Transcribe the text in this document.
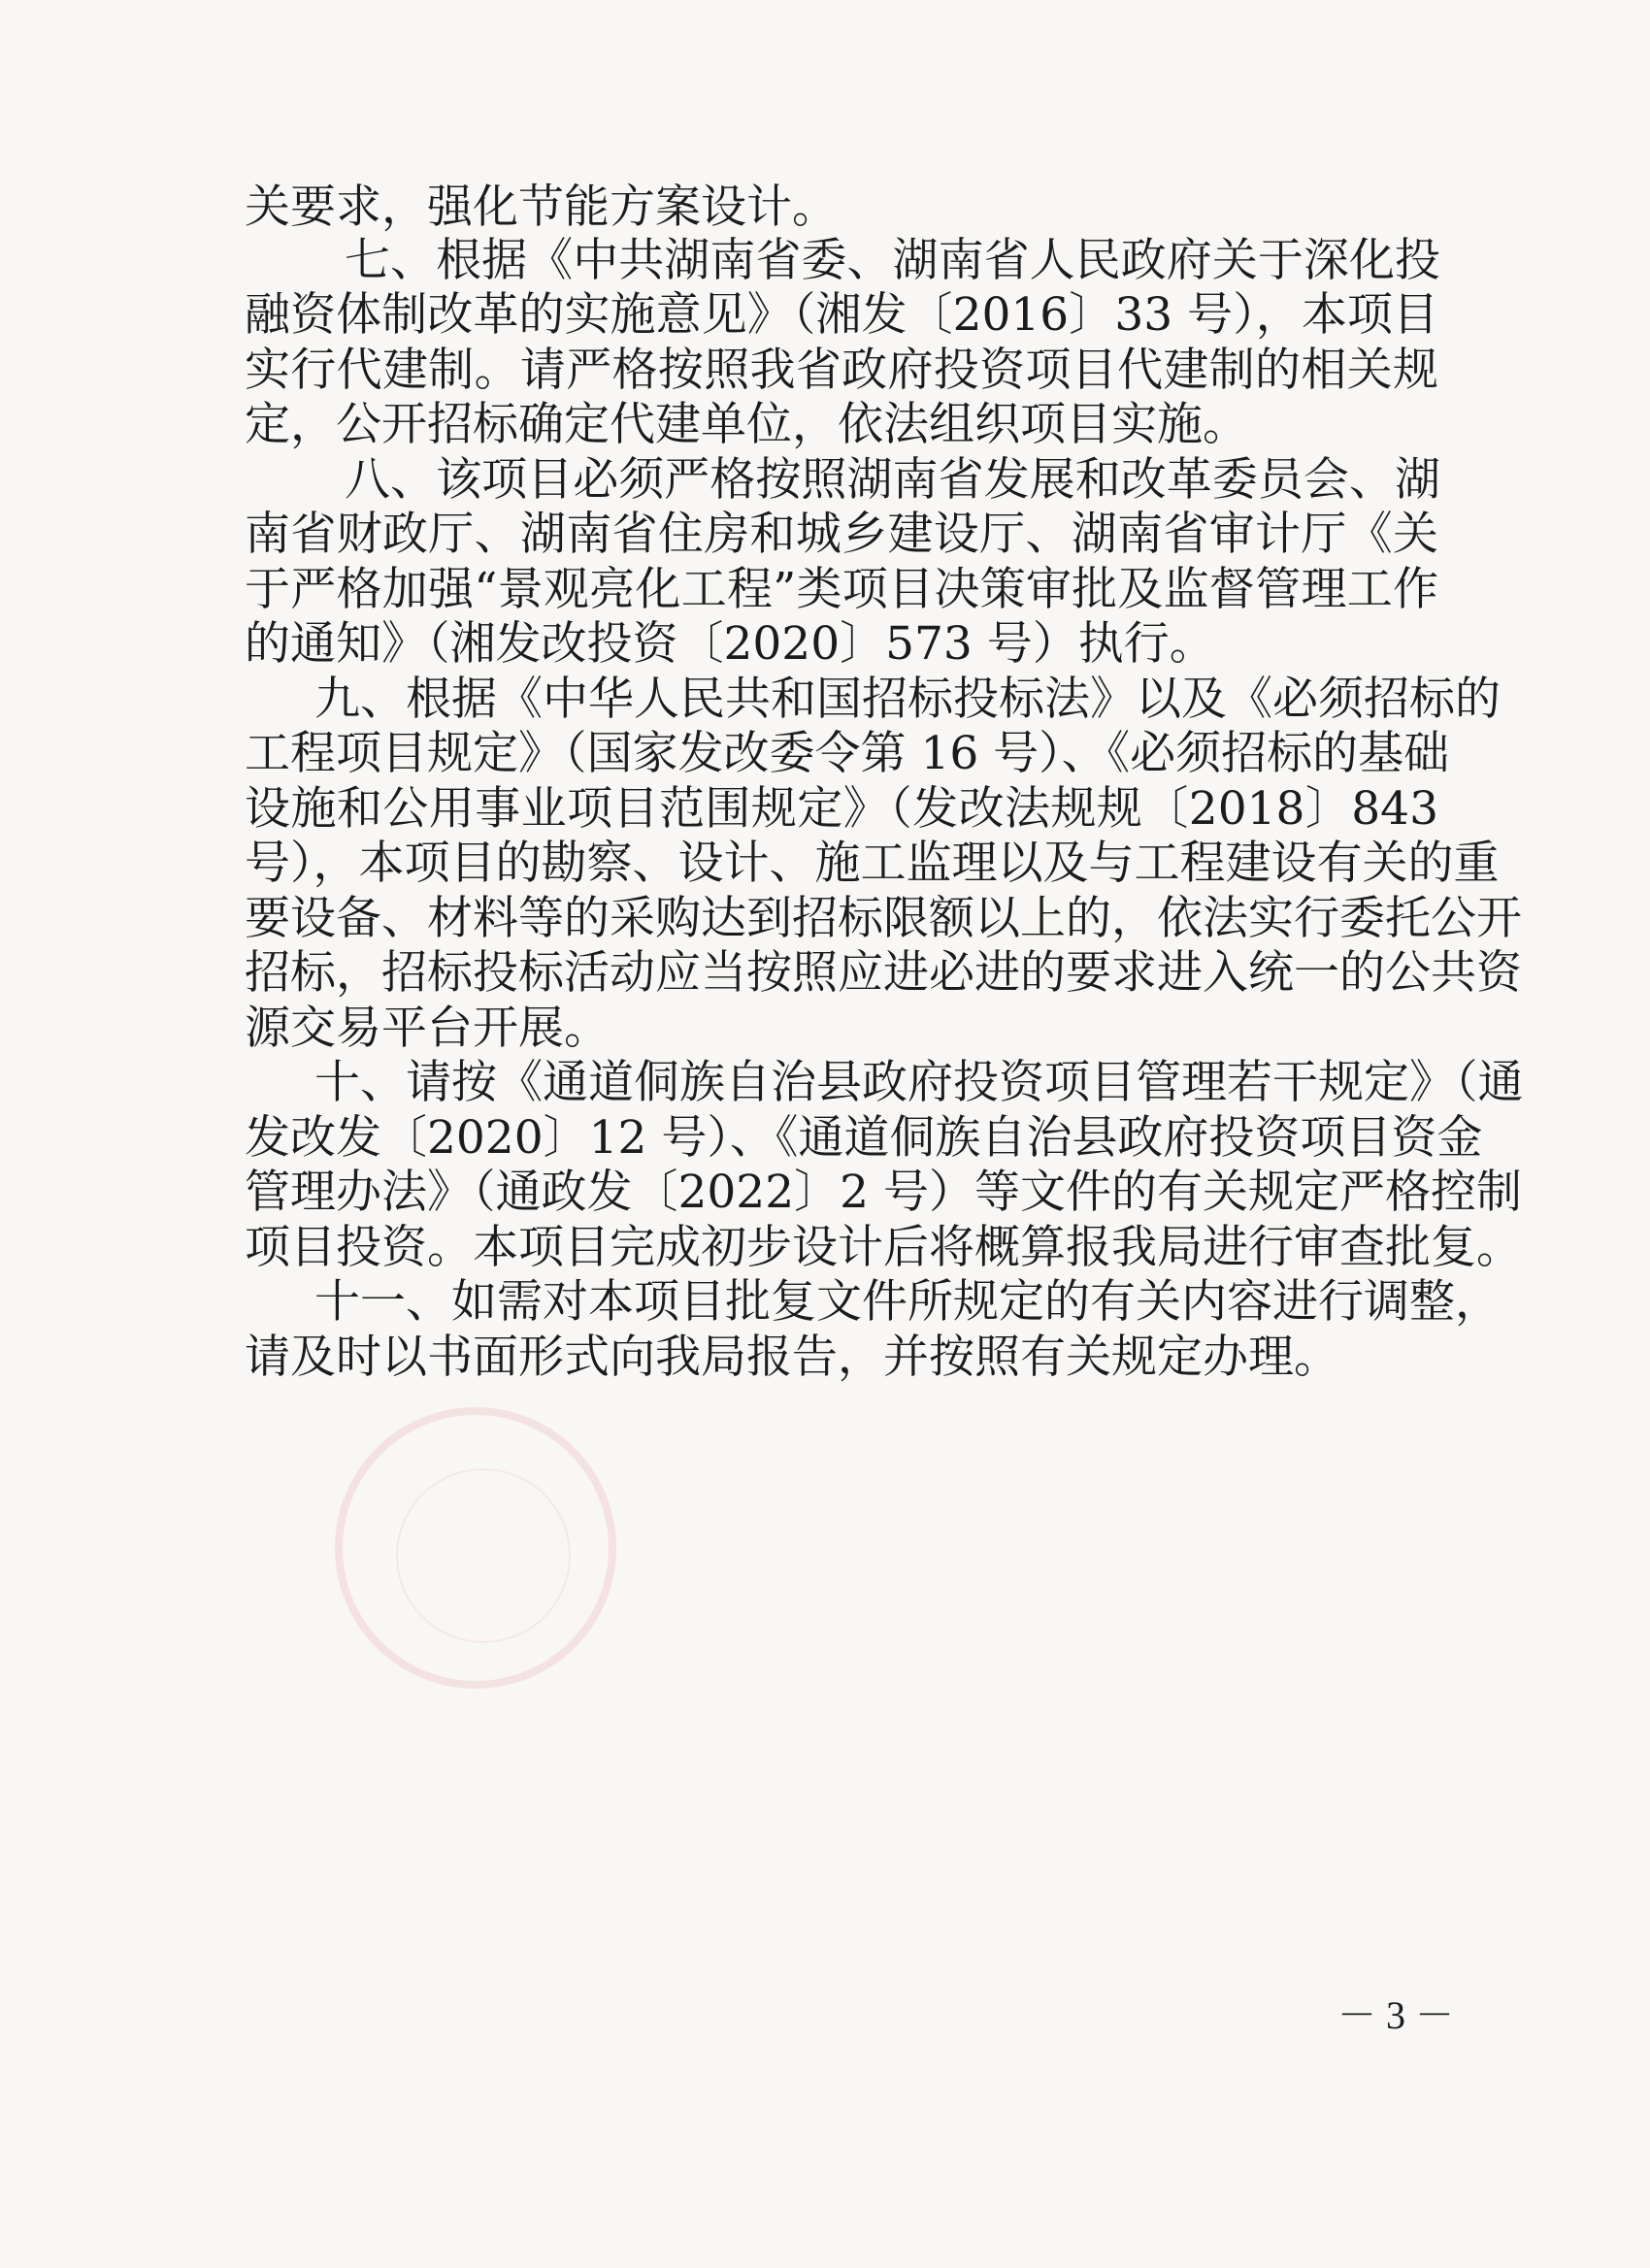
关要求，强化节能方案设计。
七、根据《中共湖南省委、湖南省人民政府关于深化投
融资体制改革的实施意见》（湘发〔2016〕33 号），本项目
实行代建制。请严格按照我省政府投资项目代建制的相关规
定，公开招标确定代建单位，依法组织项目实施。
八、该项目必须严格按照湖南省发展和改革委员会、湖
南省财政厅、湖南省住房和城乡建设厅、湖南省审计厅《关
于严格加强“景观亮化工程”类项目决策审批及监督管理工作
的通知》（湘发改投资〔2020〕573 号）执行。
九、根据《中华人民共和国招标投标法》以及《必须招标的
工程项目规定》（国家发改委令第 16 号）、《必须招标的基础
设施和公用事业项目范围规定》（发改法规规〔2018〕843
号），本项目的勘察、设计、施工监理以及与工程建设有关的重
要设备、材料等的采购达到招标限额以上的，依法实行委托公开
招标，招标投标活动应当按照应进必进的要求进入统一的公共资
源交易平台开展。
十、请按《通道侗族自治县政府投资项目管理若干规定》（通
发改发〔2020〕12 号）、《通道侗族自治县政府投资项目资金
管理办法》（通政发〔2022〕2 号）等文件的有关规定严格控制
项目投资。本项目完成初步设计后将概算报我局进行审查批复。
十一、如需对本项目批复文件所规定的有关内容进行调整，
请及时以书面形式向我局报告，并按照有关规定办理。
－ 3 －
